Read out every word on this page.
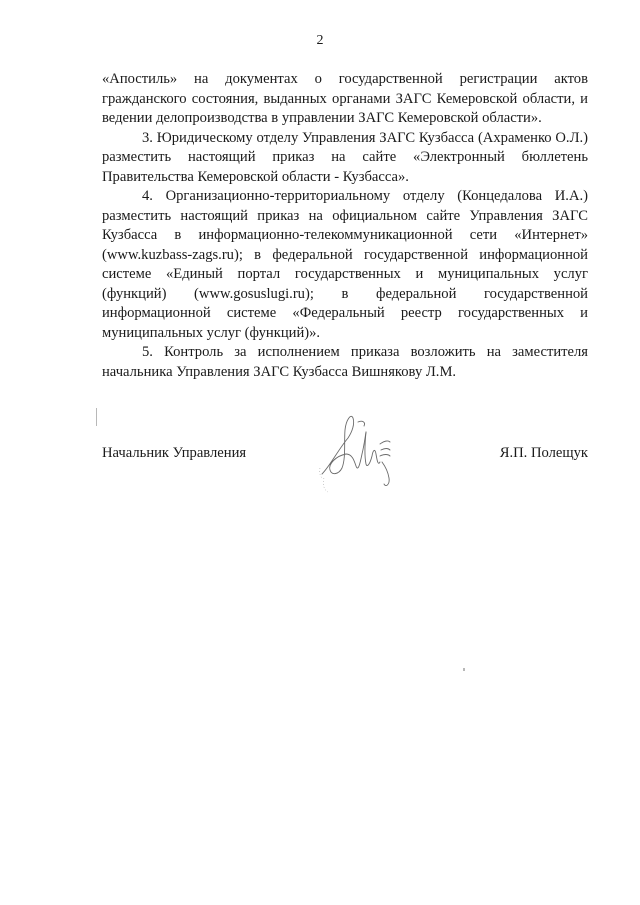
2

«Апостиль» на документах о государственной регистрации актов гражданского состояния, выданных органами ЗАГС Кемеровской области, и ведении делопроизводства в управлении ЗАГС Кемеровской области».

3. Юридическому отделу Управления ЗАГС Кузбасса (Ахраменко О.Л.) разместить настоящий приказ на сайте «Электронный бюллетень Правительства Кемеровской области - Кузбасса».

4. Организационно-территориальному отделу (Концедалова И.А.) разместить настоящий приказ на официальном сайте Управления ЗАГС Кузбасса в информационно-телекоммуникационной сети «Интернет» (www.kuzbass-zags.ru); в федеральной государственной информационной системе «Единый портал государственных и муниципальных услуг (функций) (www.gosuslugi.ru); в федеральной государственной информационной системе «Федеральный реестр государственных и муниципальных услуг (функций)».

5. Контроль за исполнением приказа возложить на заместителя начальника Управления ЗАГС Кузбасса Вишнякову Л.М.

Начальник Управления	Я.П. Полещук
